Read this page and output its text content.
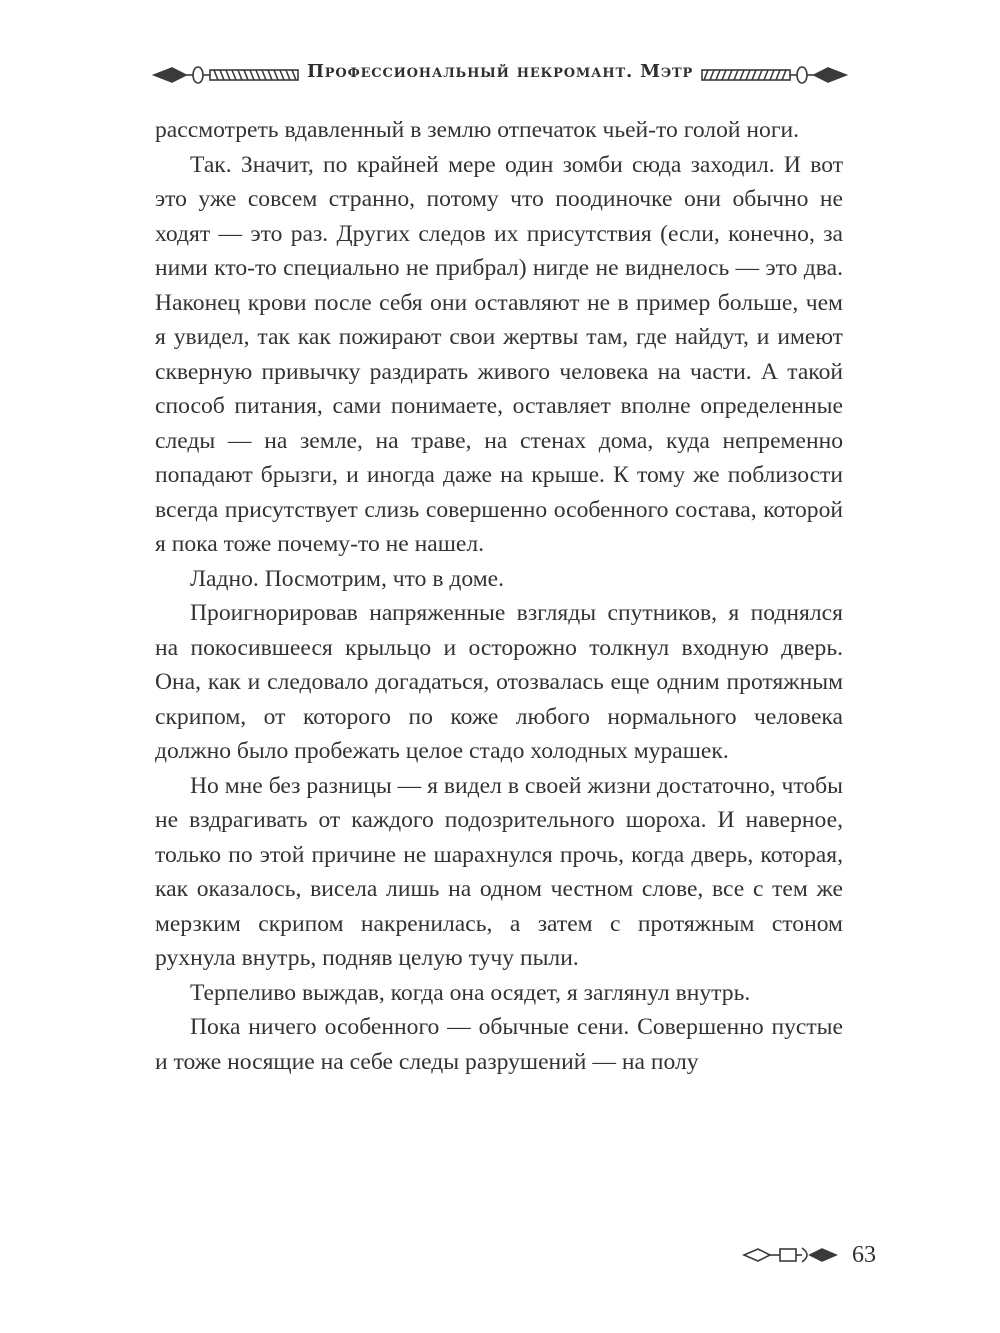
Профессиональный некромант. Мэтр

рассмотреть вдавленный в землю отпечаток чьей-то голой ноги.

Так. Значит, по крайней мере один зомби сюда заходил. И вот это уже совсем странно, потому что поодиночке они обычно не ходят — это раз. Других следов их присутствия (если, конечно, за ними кто-то специально не прибрал) нигде не виднелось — это два. Наконец крови после себя они оставляют не в пример больше, чем я увидел, так как пожирают свои жертвы там, где найдут, и имеют скверную привычку раздирать живого человека на части. А такой способ питания, сами понимаете, оставляет вполне определенные следы — на земле, на траве, на стенах дома, куда непременно попадают брызги, и иногда даже на крыше. К тому же поблизости всегда присутствует слизь совершенно особенного состава, которой я пока тоже почему-то не нашел.

Ладно. Посмотрим, что в доме.

Проигнорировав напряженные взгляды спутников, я поднялся на покосившееся крыльцо и осторожно толкнул входную дверь. Она, как и следовало догадаться, отозвалась еще одним протяжным скрипом, от которого по коже любого нормального человека должно было пробежать целое стадо холодных мурашек.

Но мне без разницы — я видел в своей жизни достаточно, чтобы не вздрагивать от каждого подозрительного шороха. И наверное, только по этой причине не шарахнулся прочь, когда дверь, которая, как оказалось, висела лишь на одном честном слове, все с тем же мерзким скрипом накренилась, а затем с протяжным стоном рухнула внутрь, подняв целую тучу пыли.

Терпеливо выждав, когда она осядет, я заглянул внутрь.

Пока ничего особенного — обычные сени. Совершенно пустые и тоже носящие на себе следы разрушений — на полу

63
